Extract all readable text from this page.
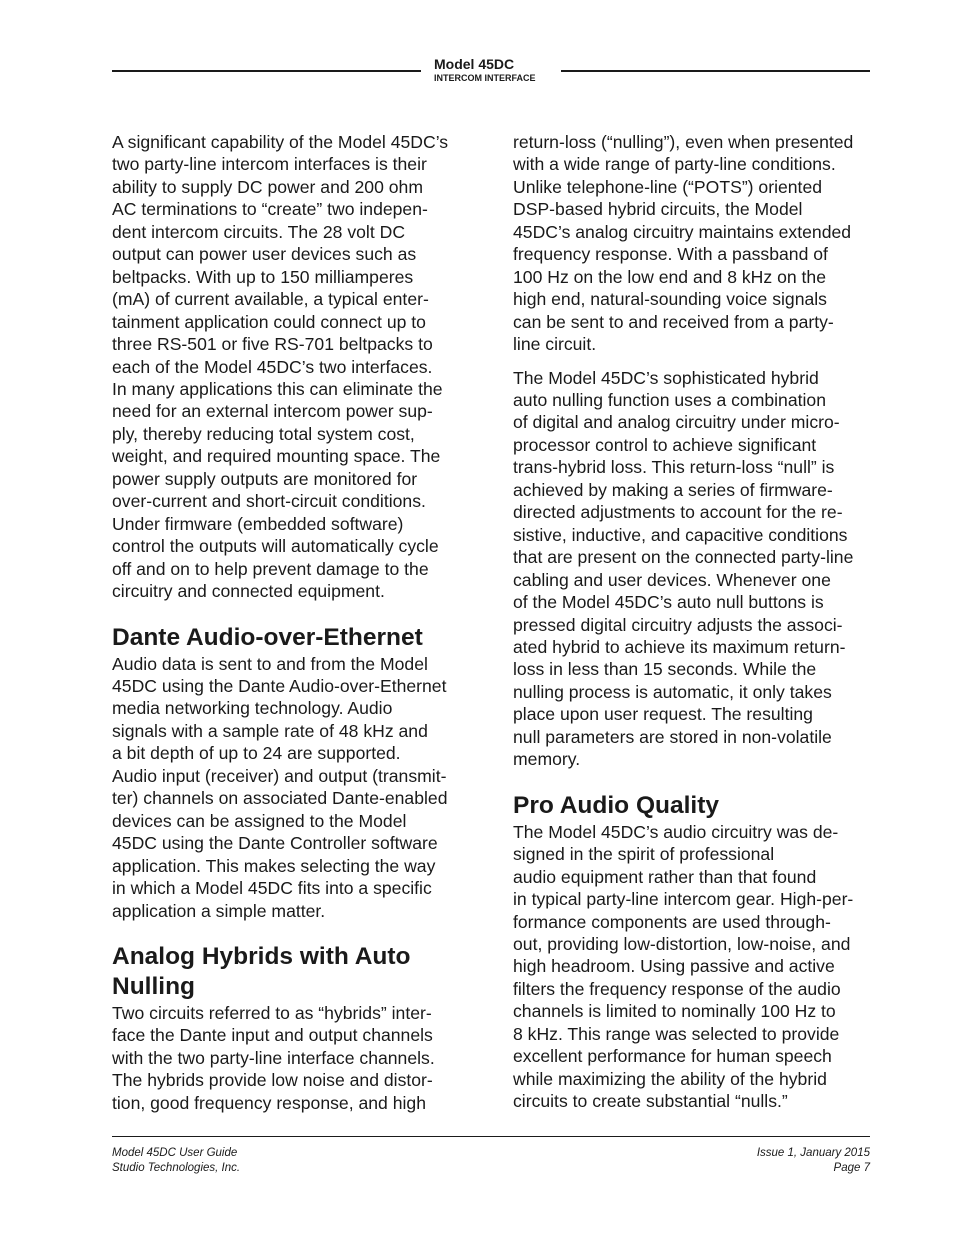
Model 45DC
INTERCOM INTERFACE

A significant capability of the Model 45DC’s
two party-line intercom interfaces is their
ability to supply DC power and 200 ohm
AC terminations to “create” two indepen-
dent intercom circuits. The 28 volt DC
output can power user devices such as
beltpacks. With up to 150 milliamperes
(mA) of current available, a typical enter-
tainment application could connect up to
three RS-501 or five RS-701 beltpacks to
each of the Model 45DC’s two interfaces.
In many applications this can eliminate the
need for an external intercom power sup-
ply, thereby reducing total system cost,
weight, and required mounting space. The
power supply outputs are monitored for
over-current and short-circuit conditions.
Under firmware (embedded software)
control the outputs will automatically cycle
off and on to help prevent damage to the
circuitry and connected equipment.

Dante Audio-over-Ethernet

Audio data is sent to and from the Model
45DC using the Dante Audio-over-Ethernet
media networking technology. Audio
signals with a sample rate of 48 kHz and
a bit depth of up to 24 are supported.
Audio input (receiver) and output (transmit-
ter) channels on associated Dante-enabled
devices can be assigned to the Model
45DC using the Dante Controller software
application. This makes selecting the way
in which a Model 45DC fits into a specific
application a simple matter.

Analog Hybrids with Auto
Nulling

Two circuits referred to as “hybrids” inter-
face the Dante input and output channels
with the two party-line interface channels.
The hybrids provide low noise and distor-
tion, good frequency response, and high

return-loss (“nulling”), even when presented
with a wide range of party-line conditions.
Unlike telephone-line (“POTS”) oriented
DSP-based hybrid circuits, the Model
45DC’s analog circuitry maintains extended
frequency response. With a passband of
100 Hz on the low end and 8 kHz on the
high end, natural-sounding voice signals
can be sent to and received from a party-
line circuit.

The Model 45DC’s sophisticated hybrid
auto nulling function uses a combination
of digital and analog circuitry under micro-
processor control to achieve significant
trans-hybrid loss. This return-loss “null” is
achieved by making a series of firmware-
directed adjustments to account for the re-
sistive, inductive, and capacitive conditions
that are present on the connected party-line
cabling and user devices. Whenever one
of the Model 45DC’s auto null buttons is
pressed digital circuitry adjusts the associ-
ated hybrid to achieve its maximum return-
loss in less than 15 seconds. While the
nulling process is automatic, it only takes
place upon user request. The resulting
null parameters are stored in non-volatile
memory.

Pro Audio Quality

The Model 45DC’s audio circuitry was de-
signed in the spirit of professional
audio equipment rather than that found
in typical party-line intercom gear. High-per-
formance components are used through-
out, providing low-distortion, low-noise, and
high headroom. Using passive and active
filters the frequency response of the audio
channels is limited to nominally 100 Hz to
8 kHz. This range was selected to provide
excellent performance for human speech
while maximizing the ability of the hybrid
circuits to create substantial “nulls.”

Model 45DC User Guide
Studio Technologies, Inc.
Issue 1, January 2015
Page 7
